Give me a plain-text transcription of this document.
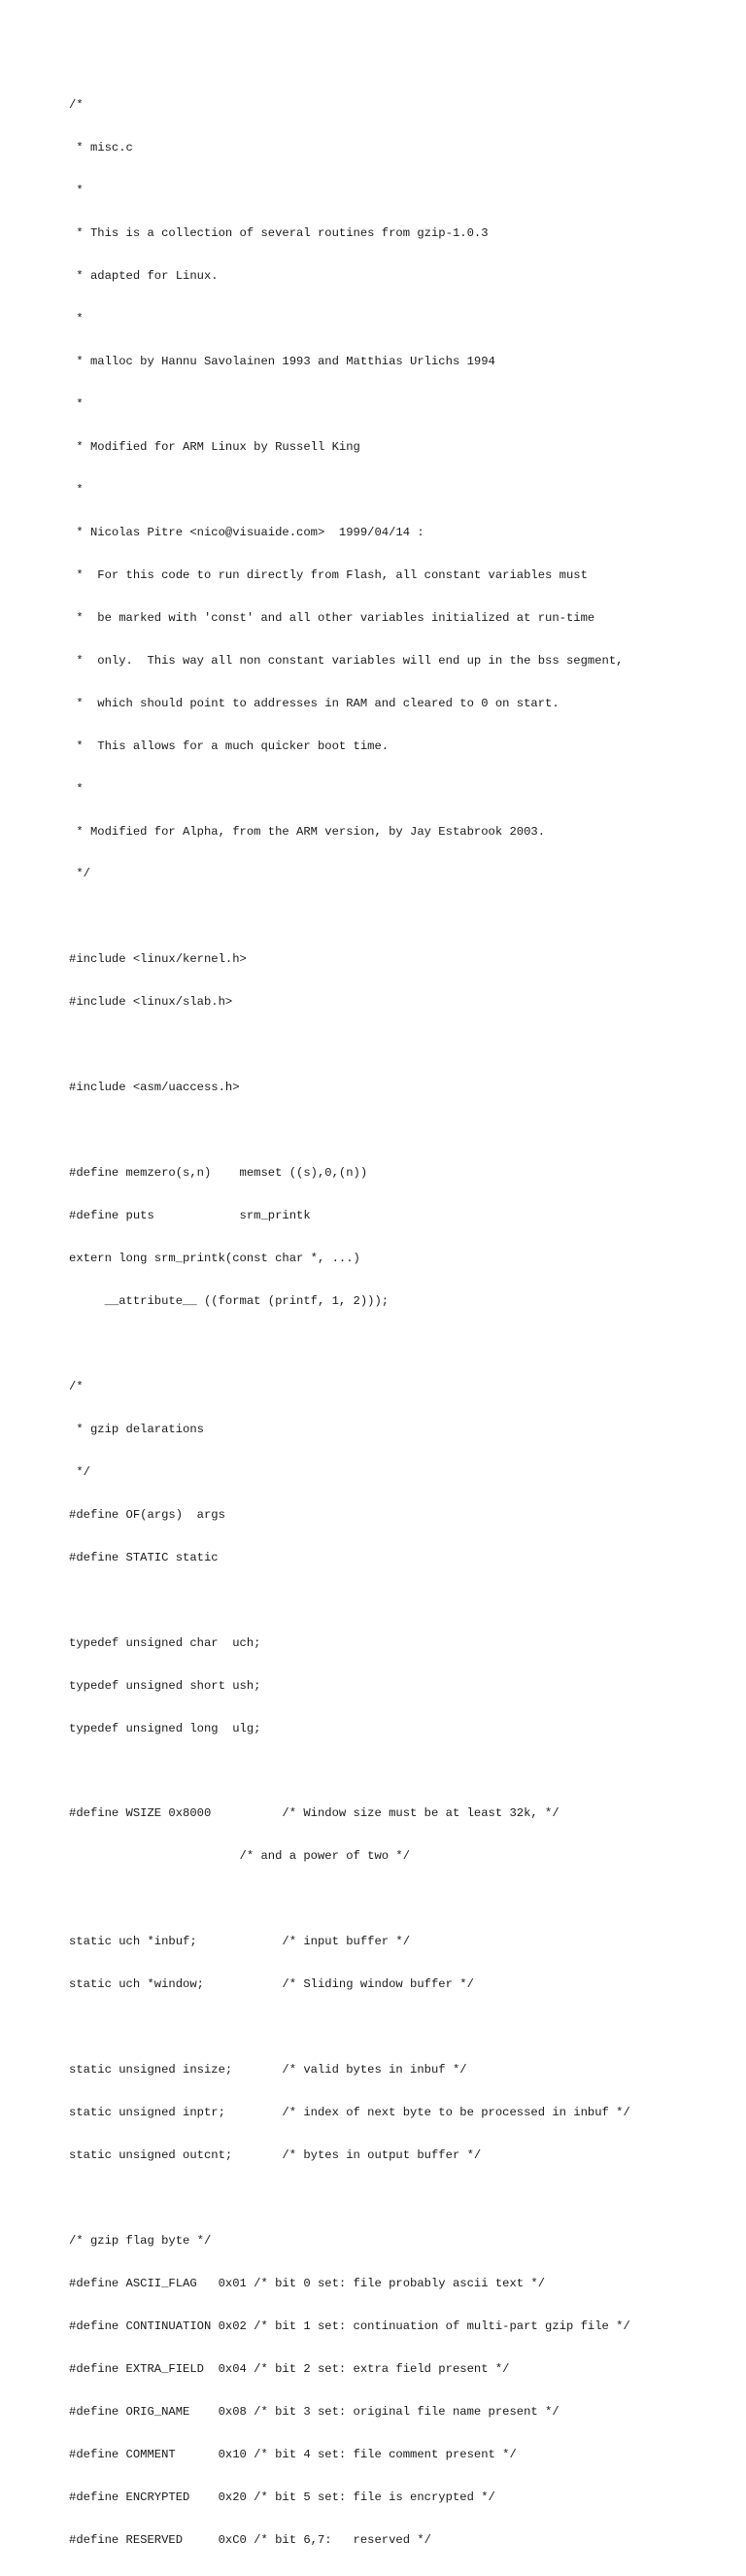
/*

* misc.c

*

* This is a collection of several routines from gzip-1.0.3

* adapted for Linux.

*

* malloc by Hannu Savolainen 1993 and Matthias Urlichs 1994

*

* Modified for ARM Linux by Russell King

*

* Nicolas Pitre <nico@visuaide.com>  1999/04/14 :

*  For this code to run directly from Flash, all constant variables must

*  be marked with 'const' and all other variables initialized at run-time

*  only.  This way all non constant variables will end up in the bss segment,

*  which should point to addresses in RAM and cleared to 0 on start.

*  This allows for a much quicker boot time.

*

* Modified for Alpha, from the ARM version, by Jay Estabrook 2003.

*/

#include <linux/kernel.h>

#include <linux/slab.h>

#include <asm/uaccess.h>

#define memzero(s,n)    memset ((s),0,(n))

#define puts            srm_printk

extern long srm_printk(const char *, ...)

__attribute__ ((format (printf, 1, 2)));

/*

* gzip delarations

*/

#define OF(args)  args

#define STATIC static

typedef unsigned char  uch;

typedef unsigned short ush;

typedef unsigned long  ulg;

#define WSIZE 0x8000          /* Window size must be at least 32k, */

/* and a power of two */

static uch *inbuf;            /* input buffer */

static uch *window;           /* Sliding window buffer */

static unsigned insize;       /* valid bytes in inbuf */

static unsigned inptr;        /* index of next byte to be processed in inbuf */

static unsigned outcnt;       /* bytes in output buffer */

/* gzip flag byte */

#define ASCII_FLAG   0x01 /* bit 0 set: file probably ascii text */

#define CONTINUATION 0x02 /* bit 1 set: continuation of multi-part gzip file */

#define EXTRA_FIELD  0x04 /* bit 2 set: extra field present */

#define ORIG_NAME    0x08 /* bit 3 set: original file name present */

#define COMMENT      0x10 /* bit 4 set: file comment present */

#define ENCRYPTED    0x20 /* bit 5 set: file is encrypted */

#define RESERVED     0xC0 /* bit 6,7:   reserved */
